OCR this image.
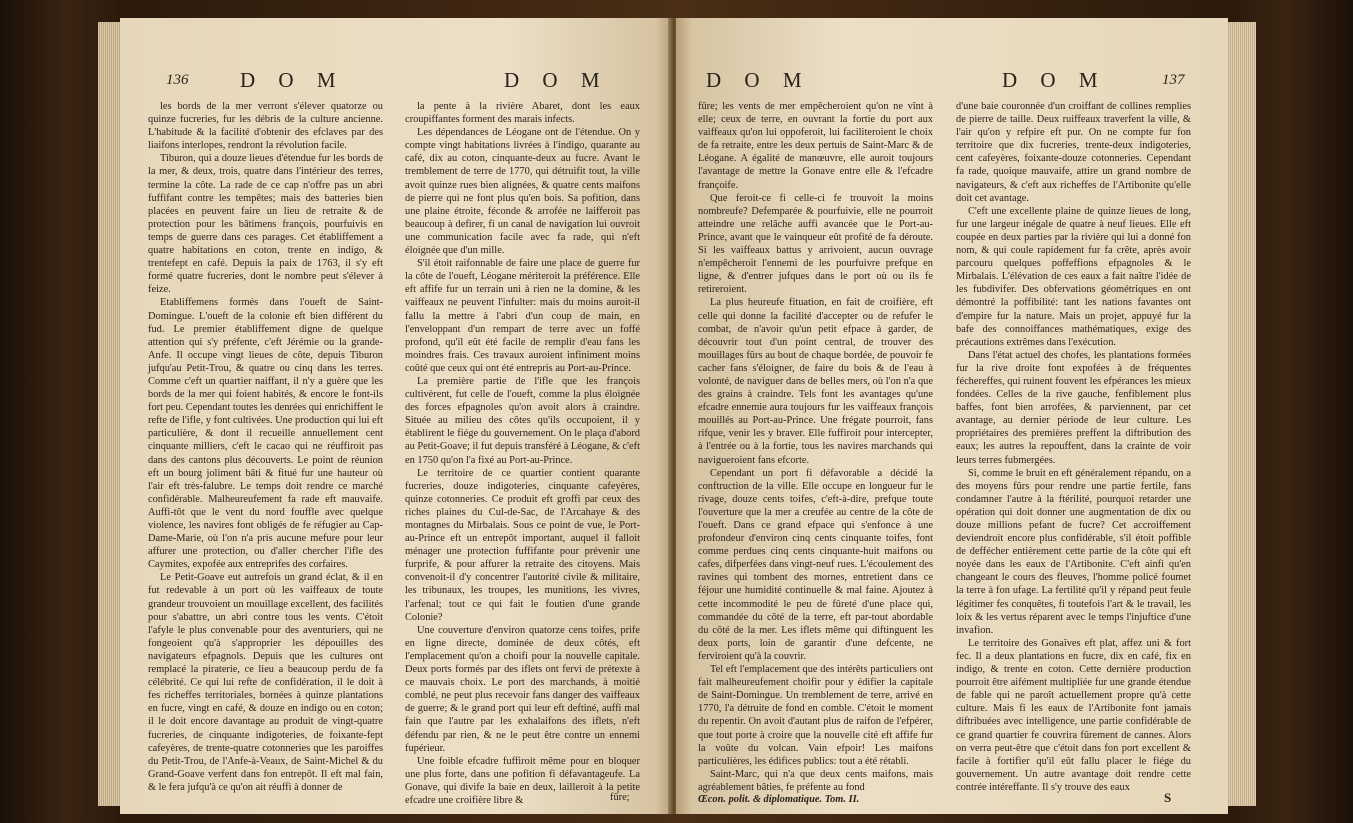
136 D O M	D O M

les bords de la mer verront s'élever quatorze ou quinze fucreries, fur les débris de la culture ancienne. L'habitude & la facilité d'obtenir des efclaves par des liaifons interlopes, rendront la révolution facile.

Tiburon, qui a douze lieues d'étendue fur les bords de la mer, & deux, trois, quatre dans l'intérieur des terres, termine la côte. La rade de ce cap n'offre pas un abri fuffifant contre les tempêtes; mais des batteries bien placées en peuvent faire un lieu de retraite & de protection pour les bâtimens françois, pourfuivis en temps de guerre dans ces parages. Cet établiffement a quatre habitations en coton, trente en indigo, & trentefept en café. Depuis la paix de 1763, il s'y eft formé quatre fucreries, dont le nombre peut s'élever à feize.

Etabliffemens formés dans l'oueft de Saint-Domingue. L'oueft de la colonie eft bien différent du fud. Le premier établiffement digne de quelque attention qui s'y préfente, c'eft Jérémie ou la grande-Anfe. Il occupe vingt lieues de côte, depuis Tiburon jufqu'au Petit-Trou, & quatre ou cinq dans les terres. Comme c'eft un quartier naiffant, il n'y a guère que les bords de la mer qui foient habités, & encore le font-ils fort peu. Cependant toutes les denrées qui enrichiffent le refte de l'ifle, y font cultivées. Une production qui lui eft particulière, & dont il recueille annuellement cent cinquante milliers, c'eft le cacao qui ne réuffiroit pas dans des cantons plus découverts. Le point de réunion eft un bourg joliment bâti & fitué fur une hauteur où l'air eft très-falubre. Le temps doit rendre ce marché confidérable. Malheureufement fa rade eft mauvaife. Auffi-tôt que le vent du nord fouffle avec quelque violence, les navires font obligés de fe réfugier au Cap-Dame-Marie, où l'on n'a pris aucune mefure pour leur affurer une protection, ou d'aller chercher l'ifle des Caymites, expofée aux entreprifes des corfaires.

Le Petit-Goave eut autrefois un grand éclat, & il en fut redevable à un port où les vaiffeaux de toute grandeur trouvoient un mouillage excellent, des facilités pour s'abattre, un abri contre tous les vents. C'étoit l'afyle le plus convenable pour des aventuriers, qui ne fongeoient qu'à s'approprier les dépouilles des navigateurs efpagnols. Depuis que les cultures ont remplacé la piraterie, ce lieu a beaucoup perdu de fa célébrité. Ce qui lui refte de confidération, il le doit à fes richeffes territoriales, bornées à quinze plantations en fucre, vingt en café, & douze en indigo ou en coton; il le doit encore davantage au produit de vingt-quatre fucreries, de cinquante indigoteries, de foixante-fept cafeyères, de trente-quatre cotonneries que les paroiffes du Petit-Trou, de l'Anfe-à-Veaux, de Saint-Michel & du Grand-Goave verfent dans fon entrepôt. Il eft mal fain, & le fera jufqu'à ce qu'on ait réuffi à donner de

la pente à la rivière Abaret, dont les eaux croupiffantes forment des marais infects.

Les dépendances de Léogane ont de l'étendue. On y compte vingt habitations livrées à l'indigo, quarante au café, dix au coton, cinquante-deux au fucre. Avant le tremblement de terre de 1770, qui détruifit tout, la ville avoit quinze rues bien alignées, & quatre cents maifons de pierre qui ne font plus qu'en bois. Sa pofition, dans une plaine étroite, féconde & arrofée ne laifferoit pas beaucoup à defirer, fi un canal de navigation lui ouvroit une communication facile avec fa rade, qui n'eft éloignée que d'un mille.

S'il étoit raifonnable de faire une place de guerre fur la côte de l'oueft, Léogane mériteroit la préférence. Elle eft affife fur un terrain uni à rien ne la domine, & les vaiffeaux ne peuvent l'infulter: mais du moins auroit-il fallu la mettre à l'abri d'un coup de main, en l'enveloppant d'un rempart de terre avec un foffé profond, qu'il eût été facile de remplir d'eau fans les moindres frais. Ces travaux auroient infiniment moins coûté que ceux qui ont été entrepris au Port-au-Prince.

La première partie de l'ifle que les françois cultivèrent, fut celle de l'oueft, comme la plus éloignée des forces efpagnoles qu'on avoit alors à craindre. Située au milieu des côtes qu'ils occupoient, il y établirent le fiége du gouvernement. On le plaça d'abord au Petit-Goave; il fut depuis transféré à Léogane, & c'eft en 1750 qu'on l'a fixé au Port-au-Prince.

Le territoire de ce quartier contient quarante fucreries, douze indigoteries, cinquante cafeyères, quinze cotonneries. Ce produit eft groffi par ceux des riches plaines du Cul-de-Sac, de l'Arcahaye & des montagnes du Mirbalais. Sous ce point de vue, le Port-au-Prince eft un entrepôt important, auquel il falloit ménager une protection fuffifante pour prévenir une furprife, & pour affurer la retraite des citoyens. Mais convenoit-il d'y concentrer l'autorité civile & militaire, les tribunaux, les troupes, les munitions, les vivres, l'arfenal; tout ce qui fait le foutien d'une grande Colonie?

Une couverture d'environ quatorze cens toifes, prife en ligne directe, dominée de deux côtés, eft l'emplacement qu'on a choifi pour la nouvelle capitale. Deux ports formés par des iflets ont fervi de prétexte à ce mauvais choix. Le port des marchands, à moitié comblé, ne peut plus recevoir fans danger des vaiffeaux de guerre; & le grand port qui leur eft deftiné, auffi mal fain que l'autre par les exhalaifons des iflets, n'eft défendu par rien, & ne le peut être contre un ennemi fupérieur.

Une foible efcadre fuffiroit même pour en bloquer une plus forte, dans une pofition fi défavantageufe. La Gonave, qui divife la baie en deux, lailleroit à la petite efcadre une croifière libre &	fûre;
D O M	D O M	137

fûre; les vents de mer empêcheroient qu'on ne vînt à elle; ceux de terre, en ouvrant la fortie du port aux vaiffeaux qu'on lui oppoferoit, lui faciliteroient le choix de fa retraite, entre les deux pertuis de Saint-Marc & de Léogane. A égalité de manœuvre, elle auroit toujours l'avantage de mettre la Gonave entre elle & l'efcadre françoife.

Que feroit-ce fi celle-ci fe trouvoit la moins nombreufe? Defemparée & pourfuivie, elle ne pourroit atteindre une relâche auffi avancée que le Port-au-Prince, avant que le vainqueur eût profité de fa déroute. Si les vaiffeaux battus y arrivoient, aucun ouvrage n'empêcheroit l'ennemi de les pourfuivre prefque en ligne, & d'entrer jufques dans le port où ou ils fe retireroient.

La plus heureufe fituation, en fait de croifière, eft celle qui donne la facilité d'accepter ou de refufer le combat, de n'avoir qu'un petit efpace à garder, de découvrir tout d'un point central, de trouver des mouillages fûrs au bout de chaque bordée, de pouvoir fe cacher fans s'éloigner, de faire du bois & de l'eau à volonté, de naviguer dans de belles mers, où l'on n'a que des grains à craindre. Tels font les avantages qu'une efcadre ennemie aura toujours fur les vaiffeaux françois mouillés au Port-au-Prince. Une frégate pourroit, fans rifque, venir les y braver. Elle fuffiroit pour intercepter, à l'entrée ou à la fortie, tous les navires marchands qui navigueroient fans efcorte.

Cependant un port fi défavorable a décidé la conftruction de la ville. Elle occupe en longueur fur le rivage, douze cents toifes, c'eft-à-dire, prefque toute l'ouverture que la mer a creufée au centre de la côte de l'oueft. Dans ce grand efpace qui s'enfonce à une profondeur d'environ cinq cents cinquante toifes, font comme perdues cinq cents cinquante-huit maifons ou cafes, difperfées dans vingt-neuf rues. L'écoulement des ravines qui tombent des mornes, entretient dans ce féjour une humidité continuelle & mal faine. Ajoutez à cette incommodité le peu de fûreté d'une place qui, commandée du côté de la terre, eft par-tout abordable du côté de la mer. Les iflets même qui diftinguent les deux ports, loin de garantir d'une defcente, ne ferviroient qu'à la couvrir.

Tel eft l'emplacement que des intérêts particuliers ont fait malheureufement choifir pour y édifier la capitale de Saint-Domingue. Un tremblement de terre, arrivé en 1770, l'a détruite de fond en comble. C'étoit le moment du repentir. On avoit d'autant plus de raifon de l'efpérer, que tout porte à croire que la nouvelle cité eft affife fur la voûte du volcan. Vain efpoir! Les maifons particulières, les édifices publics: tout a été rétabli.

Saint-Marc, qui n'a que deux cents maifons, mais agréablement bâties, fe préfente au fond

d'une baie couronnée d'un croiffant de collines remplies de pierre de taille. Deux ruiffeaux traverfent la ville, & l'air qu'on y refpire eft pur. On ne compte fur fon territoire que dix fucreries, trente-deux indigoteries, cent cafeyères, foixante-douze cotonneries. Cependant fa rade, quoique mauvaife, attire un grand nombre de navigateurs, & c'eft aux richeffes de l'Artibonite qu'elle doit cet avantage.

C'eft une excellente plaine de quinze lieues de long, fur une largeur inégale de quatre à neuf lieues. Elle eft coupée en deux parties par la rivière qui lui a donné fon nom, & qui coule rapidement fur fa crête, après avoir parcouru quelques poffeffions efpagnoles & le Mirbalais. L'élévation de ces eaux a fait naître l'idée de les fubdivifer. Des obfervations géométriques en ont démontré la poffibilité: tant les nations favantes ont d'empire fur la nature. Mais un projet, appuyé fur la bafe des connoiffances mathématiques, exige des précautions extrêmes dans l'exécution.

Dans l'état actuel des chofes, les plantations formées fur la rive droite font expofées à de fréquentes féchereffes, qui ruinent fouvent les efpérances les mieux fondées. Celles de la rive gauche, fenfiblement plus baffes, font bien arrofées, & parviennent, par cet avantage, au dernier période de leur culture. Les propriétaires des premières preffent la diftribution des eaux; les autres la repouffent, dans la crainte de voir leurs terres fubmergées.

Si, comme le bruit en eft généralement répandu, on a des moyens fûrs pour rendre une partie fertile, fans condamner l'autre à la ftérilité, pourquoi retarder une opération qui doit donner une augmentation de dix ou douze millions pefant de fucre? Cet accroiffement deviendroit encore plus confidérable, s'il étoit poffible de deffécher entièrement cette partie de la côte qui eft noyée dans les eaux de l'Artibonite. C'eft ainfi qu'en changeant le cours des fleuves, l'homme policé foumet la terre à fon ufage. La fertilité qu'il y répand peut feule légitimer fes conquêtes, fi toutefois l'art & le travail, les loix & les vertus réparent avec le temps l'injuftice d'une invafion.

Le territoire des Gonaïves eft plat, affez uni & fort fec. Il a deux plantations en fucre, dix en café, fix en indigo, & trente en coton. Cette dernière production pourroit être aifément multipliée fur une grande étendue de fable qui ne paroît actuellement propre qu'à cette culture. Mais fi les eaux de l'Artibonite font jamais diftribuées avec intelligence, une partie confidérable de ce grand quartier fe couvrira fûrement de cannes. Alors on verra peut-être que c'étoit dans fon port excellent & facile à fortifier qu'il eût fallu placer le fiége du gouvernement. Un autre avantage doit rendre cette contrée intéreffante. Il s'y trouve des eaux

Œcon. polit. & diplomatique. Tom. II.	S
